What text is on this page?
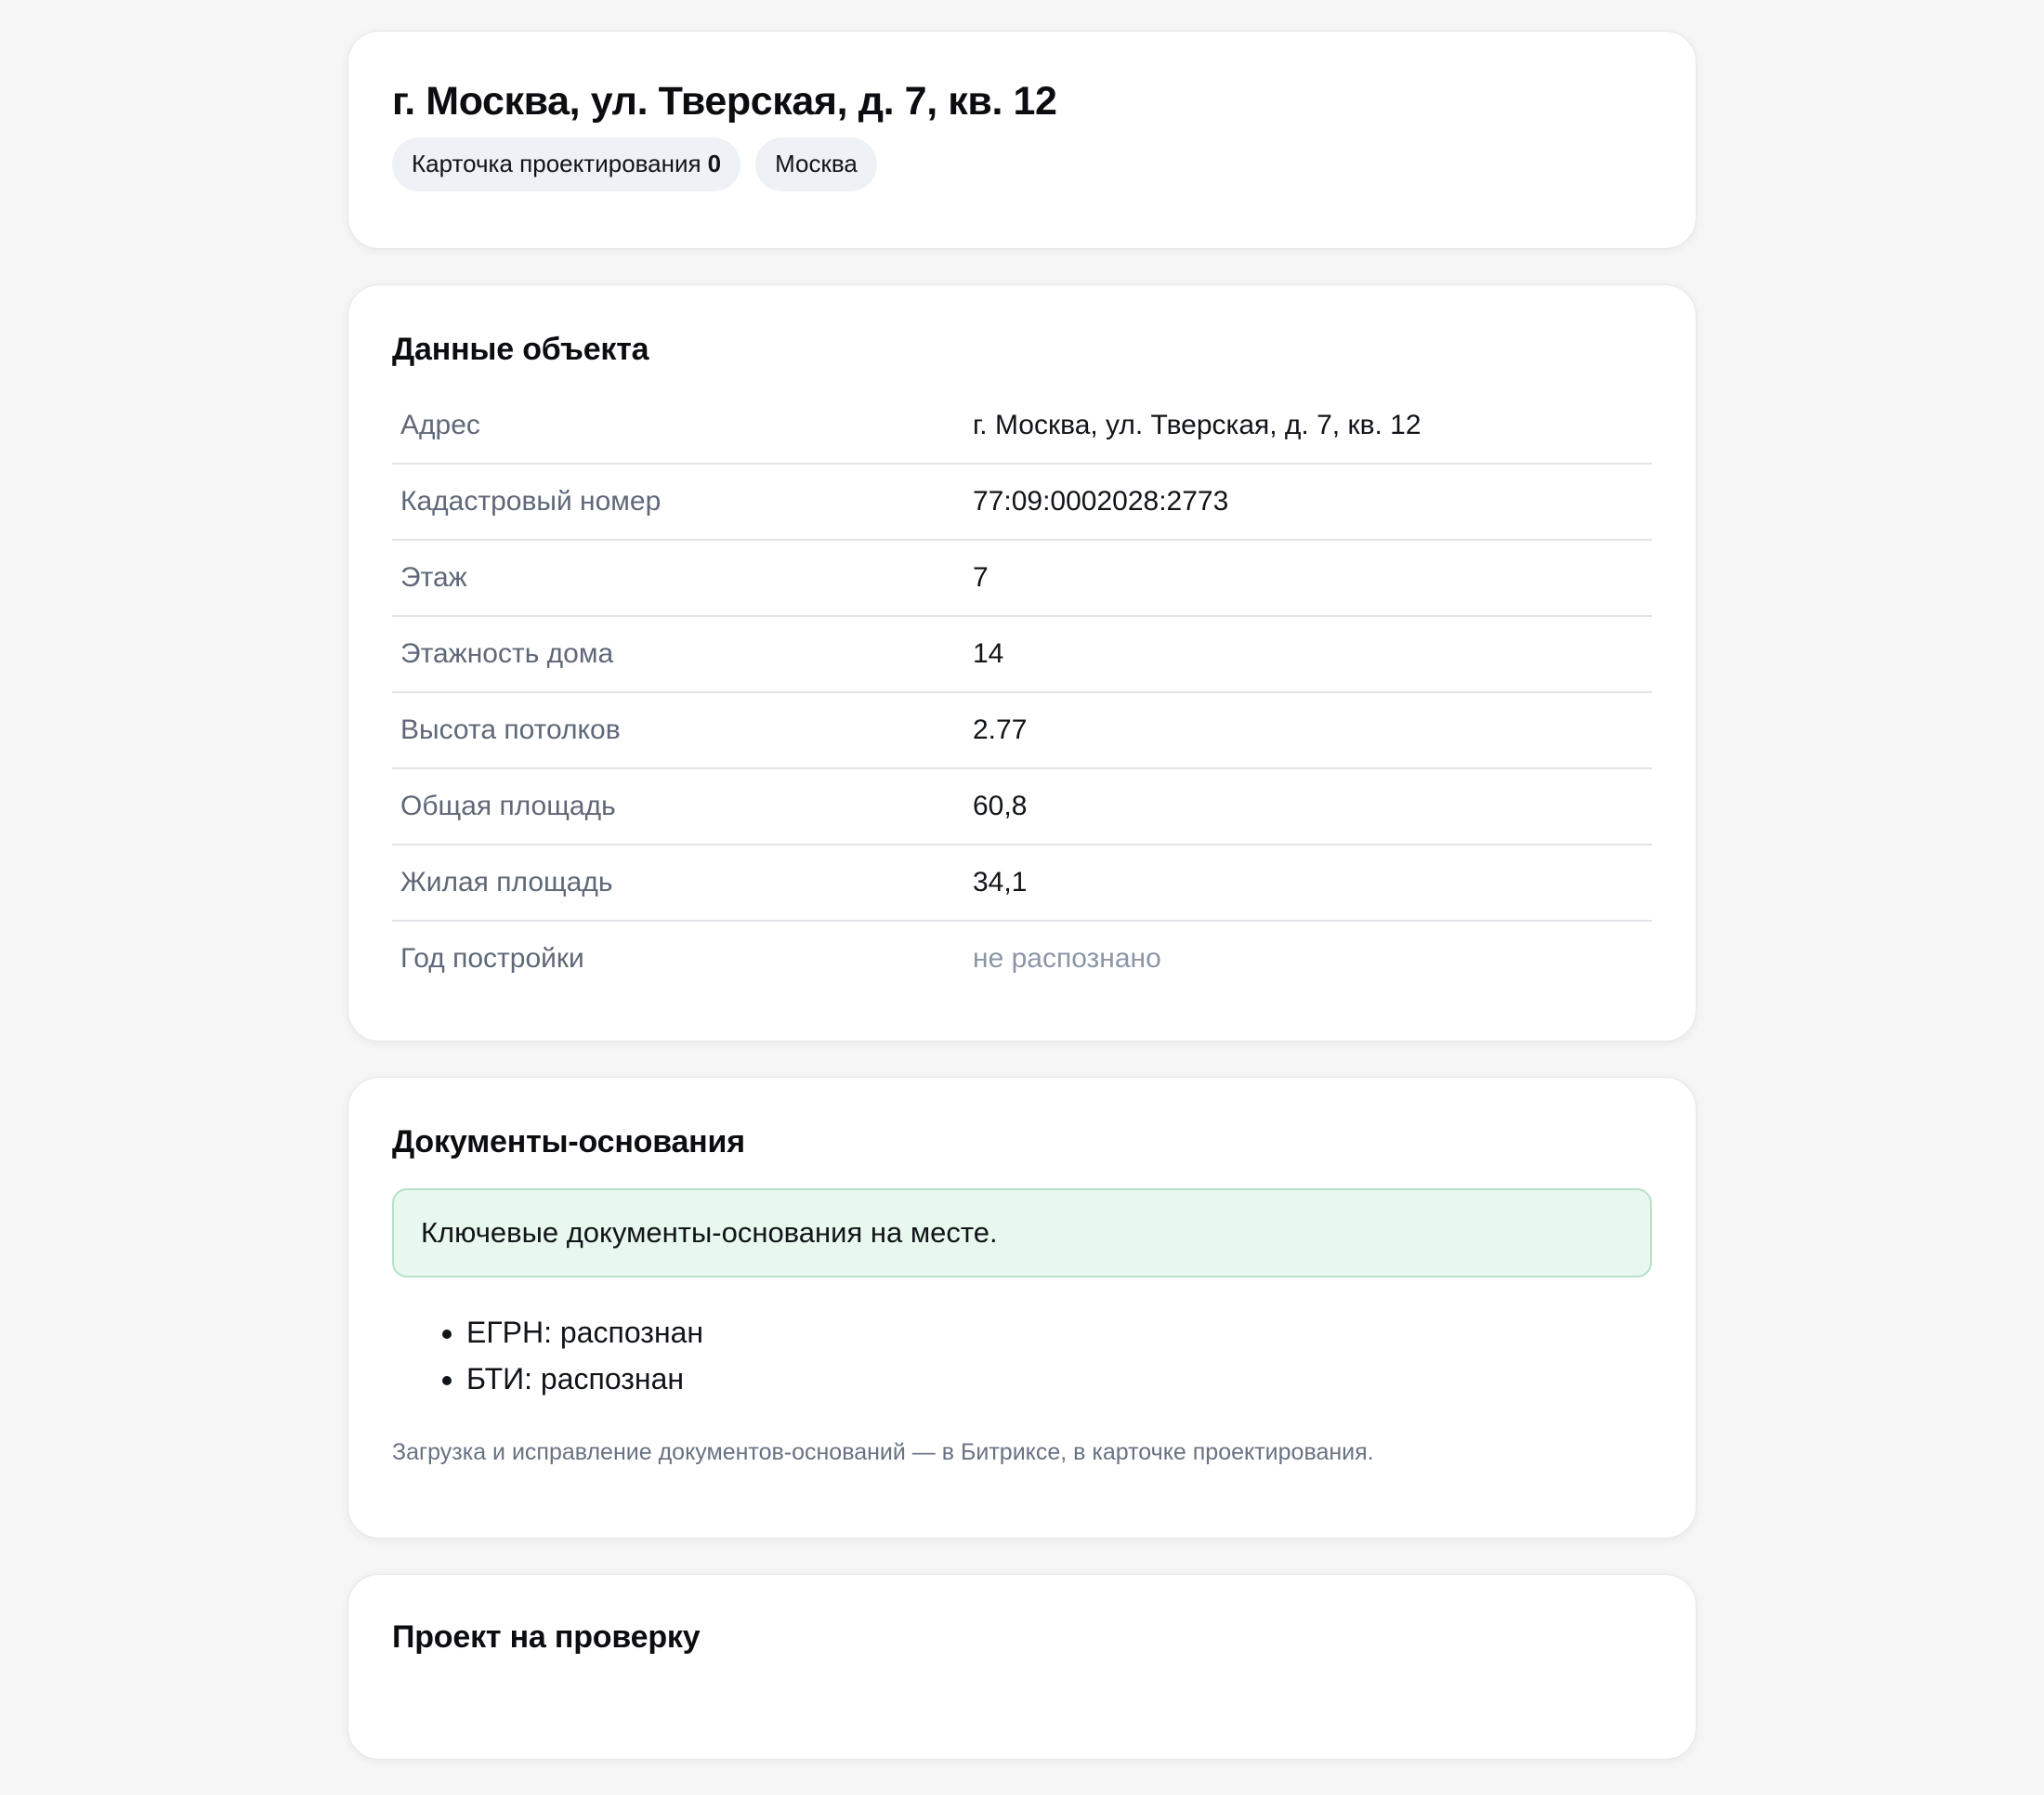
г. Москва, ул. Тверская, д. 7, кв. 12
Карточка проектирования 0 Москва
Данные объекта
Адрес	г. Москва, ул. Тверская, д. 7, кв. 12
Кадастровый номер	77:09:0002028:2773
Этаж	7
Этажность дома	14
Высота потолков	2.77
Общая площадь	60,8
Жилая площадь	34,1
Год постройки	не распознано
Документы-основания
Ключевые документы-основания на месте.
• ЕГРН: распознан
• БТИ: распознан
Загрузка и исправление документов-оснований — в Битриксе, в карточке проектирования.
Проект на проверку
